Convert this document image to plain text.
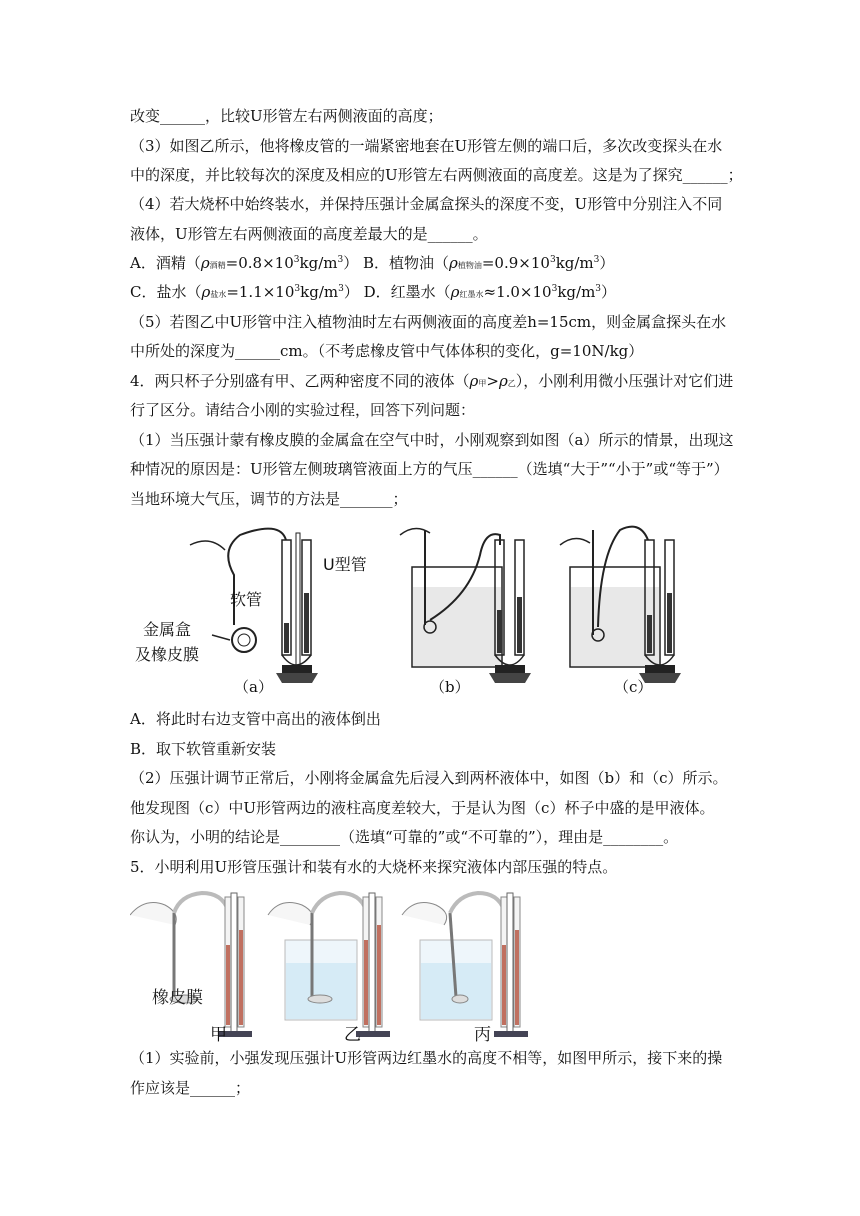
改变______，比较U形管左右两侧液面的高度；
（3）如图乙所示，他将橡皮管的一端紧密地套在U形管左侧的端口后，多次改变探头在水
中的深度，并比较每次的深度及相应的U形管左右两侧液面的高度差。这是为了探究______；
（4）若大烧杯中始终装水，并保持压强计金属盒探头的深度不变，U形管中分别注入不同
液体，U形管左右两侧液面的高度差最大的是______。
A．酒精（ρ酒精$=0.8\times 10^3kg/m^3$） B．植物油（ρ植物油$=0.9\times 10^3kg/m^3$）
C．盐水（ρ盐水$=1.1\times 10^3kg/m^3$） D．红墨水（ρ红墨水$\approx 1.0\times 10^3kg/m^3$）
（5）若图乙中U形管中注入植物油时左右两侧液面的高度差h=15cm，则金属盒探头在水
中所处的深度为______cm。（不考虑橡皮管中气体体积的变化，g=10N/kg）
4．两只杯子分别盛有甲、乙两种密度不同的液体（ρ甲>ρ乙），小刚利用微小压强计对它们进
行了区分。请结合小刚的实验过程，回答下列问题：
（1）当压强计蒙有橡皮膜的金属盒在空气中时，小刚观察到如图（a）所示的情景，出现这
种情况的原因是：U形管左侧玻璃管液面上方的气压______（选填“大于”“小于”或“等于”）
当地环境大气压，调节的方法是_______；
U型管
软管
金属盒
及橡皮膜
（a）	（b）	（c）
A．将此时右边支管中高出的液体倒出
B．取下软管重新安装
（2）压强计调节正常后，小刚将金属盒先后浸入到两杯液体中，如图（b）和（c）所示。
他发现图（c）中U形管两边的液柱高度差较大，于是认为图（c）杯子中盛的是甲液体。
你认为，小明的结论是________（选填“可靠的”或“不可靠的”），理由是________。
5．小明利用U形管压强计和装有水的大烧杯来探究液体内部压强的特点。
橡皮膜
甲	乙	丙
（1）实验前，小强发现压强计U形管两边红墨水的高度不相等，如图甲所示，接下来的操
作应该是______；
